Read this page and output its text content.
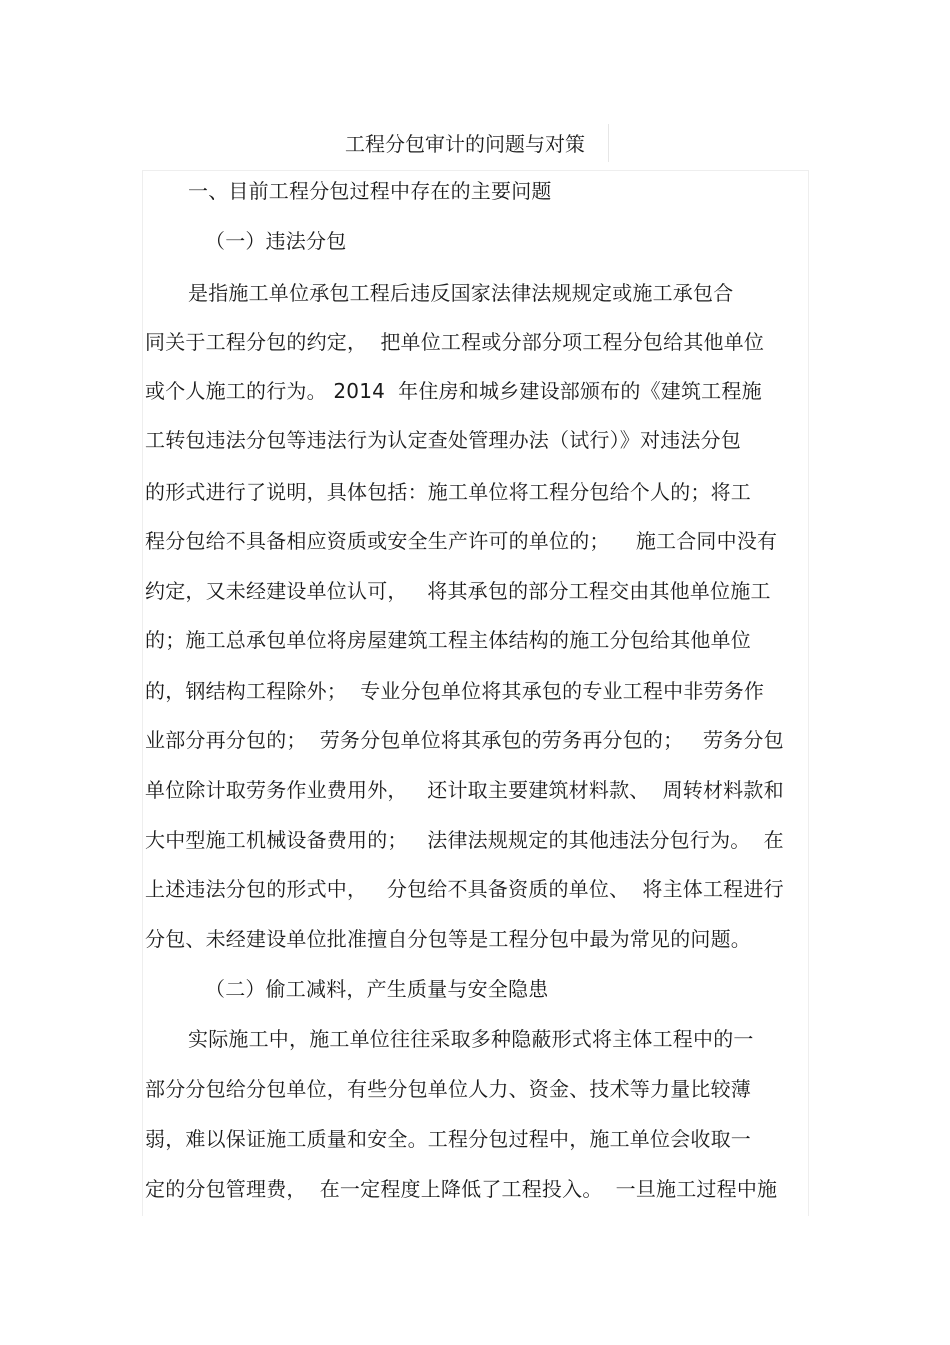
工程分包审计的问题与对策
一、目前工程分包过程中存在的主要问题
（一）违法分包
是指施工单位承包工程后违反国家法律法规规定或施工承包合
同关于工程分包的约定，  把单位工程或分部分项工程分包给其他单位
或个人施工的行为。 2014  年住房和城乡建设部颁布的《建筑工程施
工转包违法分包等违法行为认定查处管理办法（试行）》对违法分包
的形式进行了说明，具体包括：施工单位将工程分包给个人的；将工
程分包给不具备相应资质或安全生产许可的单位的；    施工合同中没有
约定，又未经建设单位认可，   将其承包的部分工程交由其他单位施工
的；施工总承包单位将房屋建筑工程主体结构的施工分包给其他单位
的，钢结构工程除外；  专业分包单位将其承包的专业工程中非劳务作
业部分再分包的；  劳务分包单位将其承包的劳务再分包的；   劳务分包
单位除计取劳务作业费用外，   还计取主要建筑材料款、  周转材料款和
大中型施工机械设备费用的；   法律法规规定的其他违法分包行为。  在
上述违法分包的形式中，   分包给不具备资质的单位、  将主体工程进行
分包、未经建设单位批准擅自分包等是工程分包中最为常见的问题。
（二）偷工减料，产生质量与安全隐患
实际施工中，施工单位往往采取多种隐蔽形式将主体工程中的一
部分分包给分包单位，有些分包单位人力、资金、技术等力量比较薄
弱，难以保证施工质量和安全。工程分包过程中，施工单位会收取一
定的分包管理费，  在一定程度上降低了工程投入。  一旦施工过程中施
